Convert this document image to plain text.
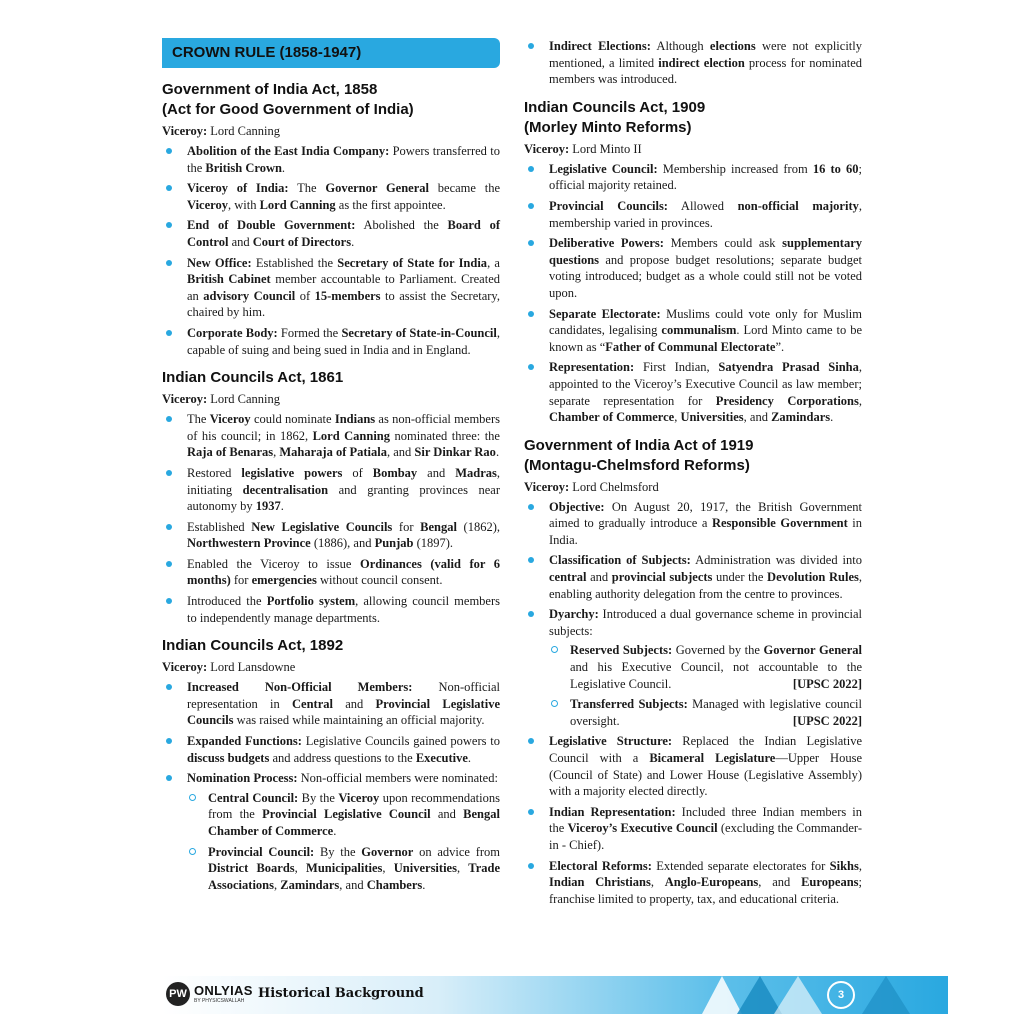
CROWN RULE (1858-1947)
Government of India Act, 1858
(Act for Good Government of India)

Viceroy: Lord Canning

Abolition of the East India Company: Powers transferred to the British Crown.
Viceroy of India: The Governor General became the Viceroy, with Lord Canning as the first appointee.
End of Double Government: Abolished the Board of Control and Court of Directors.
New Office: Established the Secretary of State for India, a British Cabinet member accountable to Parliament. Created an advisory Council of 15-members to assist the Secretary, chaired by him.
Corporate Body: Formed the Secretary of State-in-Council, capable of suing and being sued in India and in England.
Indian Councils Act, 1861

Viceroy: Lord Canning

The Viceroy could nominate Indians as non-official members of his council; in 1862, Lord Canning nominated three: the Raja of Benaras, Maharaja of Patiala, and Sir Dinkar Rao.
Restored legislative powers of Bombay and Madras, initiating decentralisation and granting provinces near autonomy by 1937.
Established New Legislative Councils for Bengal (1862), Northwestern Province (1886), and Punjab (1897).
Enabled the Viceroy to issue Ordinances (valid for 6 months) for emergencies without council consent.
Introduced the Portfolio system, allowing council members to independently manage departments.
Indian Councils Act, 1892

Viceroy: Lord Lansdowne

Increased Non-Official Members: Non-official representation in Central and Provincial Legislative Councils was raised while maintaining an official majority.
Expanded Functions: Legislative Councils gained powers to discuss budgets and address questions to the Executive.
Nomination Process: Non-official members were nominated:
Central Council: By the Viceroy upon recommendations from the Provincial Legislative Council and Bengal Chamber of Commerce.
Provincial Council: By the Governor on advice from District Boards, Municipalities, Universities, Trade Associations, Zamindars, and Chambers.
Indirect Elections: Although elections were not explicitly mentioned, a limited indirect election process for nominated members was introduced.
Indian Councils Act, 1909
(Morley Minto Reforms)

Viceroy: Lord Minto II

Legislative Council: Membership increased from 16 to 60; official majority retained.
Provincial Councils: Allowed non-official majority, membership varied in provinces.
Deliberative Powers: Members could ask supplementary questions and propose budget resolutions; separate budget voting introduced; budget as a whole could still not be voted upon.
Separate Electorate: Muslims could vote only for Muslim candidates, legalising communalism. Lord Minto came to be known as “Father of Communal Electorate”.
Representation: First Indian, Satyendra Prasad Sinha, appointed to the Viceroy’s Executive Council as law member; separate representation for Presidency Corporations, Chamber of Commerce, Universities, and Zamindars.
Government of India Act of 1919
(Montagu-Chelmsford Reforms)

Viceroy: Lord Chelmsford

Objective: On August 20, 1917, the British Government aimed to gradually introduce a Responsible Government in India.
Classification of Subjects: Administration was divided into central and provincial subjects under the Devolution Rules, enabling authority delegation from the centre to provinces.
Dyarchy: Introduced a dual governance scheme in provincial subjects:
Reserved Subjects: Governed by the Governor General and his Executive Council, not accountable to the Legislative Council.	[UPSC 2022]
Transferred Subjects: Managed with legislative council oversight.	[UPSC 2022]
Legislative Structure: Replaced the Indian Legislative Council with a Bicameral Legislature—Upper House (Council of State) and Lower House (Legislative Assembly) with a majority elected directly.
Indian Representation: Included three Indian members in the Viceroy’s Executive Council (excluding the Commander- in - Chief).
Electoral Reforms: Extended separate electorates for Sikhs, Indian Christians, Anglo-Europeans, and Europeans; franchise limited to property, tax, and educational criteria.
PW ONLYIAS
BY PHYSICSWALLAH Historical Background	3
